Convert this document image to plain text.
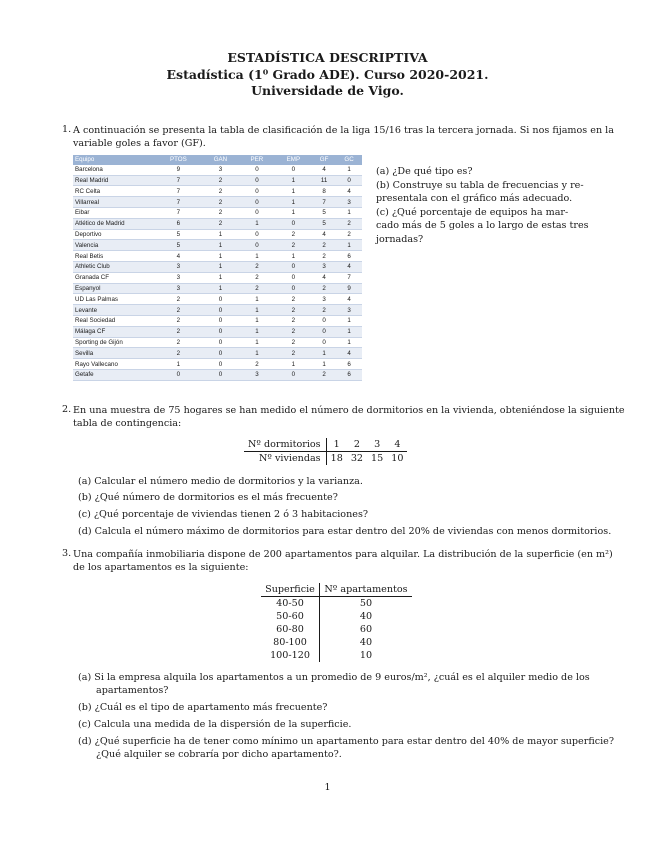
ESTADÍSTICA DESCRIPTIVA
Estadística (1⁰ Grado ADE). Curso 2020-2021.
Universidade de Vigo.
1. A continuación se presenta la tabla de clasificación de la liga 15/16 tras la tercera jornada. Si nos fijamos en la
variable goles a favor (GF).
Equipo	PTOS	GAN	PER	EMP	GF	GC
Barcelona	9	3	0	0	4	1
Real Madrid	7	2	0	1	11	0
RC Celta	7	2	0	1	8	4
Villarreal	7	2	0	1	7	3
Eibar	7	2	0	1	5	1
Atlético de Madrid	6	2	1	0	5	2
Deportivo	5	1	0	2	4	2
Valencia	5	1	0	2	2	1
Real Betis	4	1	1	1	2	6
Athletic Club	3	1	2	0	3	4
Granada CF	3	1	2	0	4	7
Espanyol	3	1	2	0	2	9
UD Las Palmas	2	0	1	2	3	4
Levante	2	0	1	2	2	3
Real Sociedad	2	0	1	2	0	1
Málaga CF	2	0	1	2	0	1
Sporting de Gijón	2	0	1	2	0	1
Sevilla	2	0	1	2	1	4
Rayo Vallecano	1	0	2	1	1	6
Getafe	0	0	3	0	2	6
(a) ¿De qué tipo es?
(b) Construye su tabla de frecuencias y re-
presentala con el gráfico más adecuado.
(c) ¿Qué porcentaje de equipos ha mar-
cado más de 5 goles a lo largo de estas tres
jornadas?
2. En una muestra de 75 hogares se han medido el número de dormitorios en la vivienda, obteniéndose la siguiente
tabla de contingencia:
Nº dormitorios	1	2	3	4
Nº viviendas	18	32	15	10
(a) Calcular el número medio de dormitorios y la varianza.
(b) ¿Qué número de dormitorios es el más frecuente?
(c) ¿Qué porcentaje de viviendas tienen 2 ó 3 habitaciones?
(d) Calcula el número máximo de dormitorios para estar dentro del 20% de viviendas con menos dormitorios.
3. Una compañía inmobiliaria dispone de 200 apartamentos para alquilar. La distribución de la superficie (en m²)
de los apartamentos es la siguiente:
Superficie	Nº apartamentos
40-50	50
50-60	40
60-80	60
80-100	40
100-120	10
(a) Si la empresa alquila los apartamentos a un promedio de 9 euros/m², ¿cuál es el alquiler medio de los
apartamentos?
(b) ¿Cuál es el tipo de apartamento más frecuente?
(c) Calcula una medida de la dispersión de la superficie.
(d) ¿Qué superficie ha de tener como mínimo un apartamento para estar dentro del 40% de mayor superficie?
¿Qué alquiler se cobraría por dicho apartamento?.
1
